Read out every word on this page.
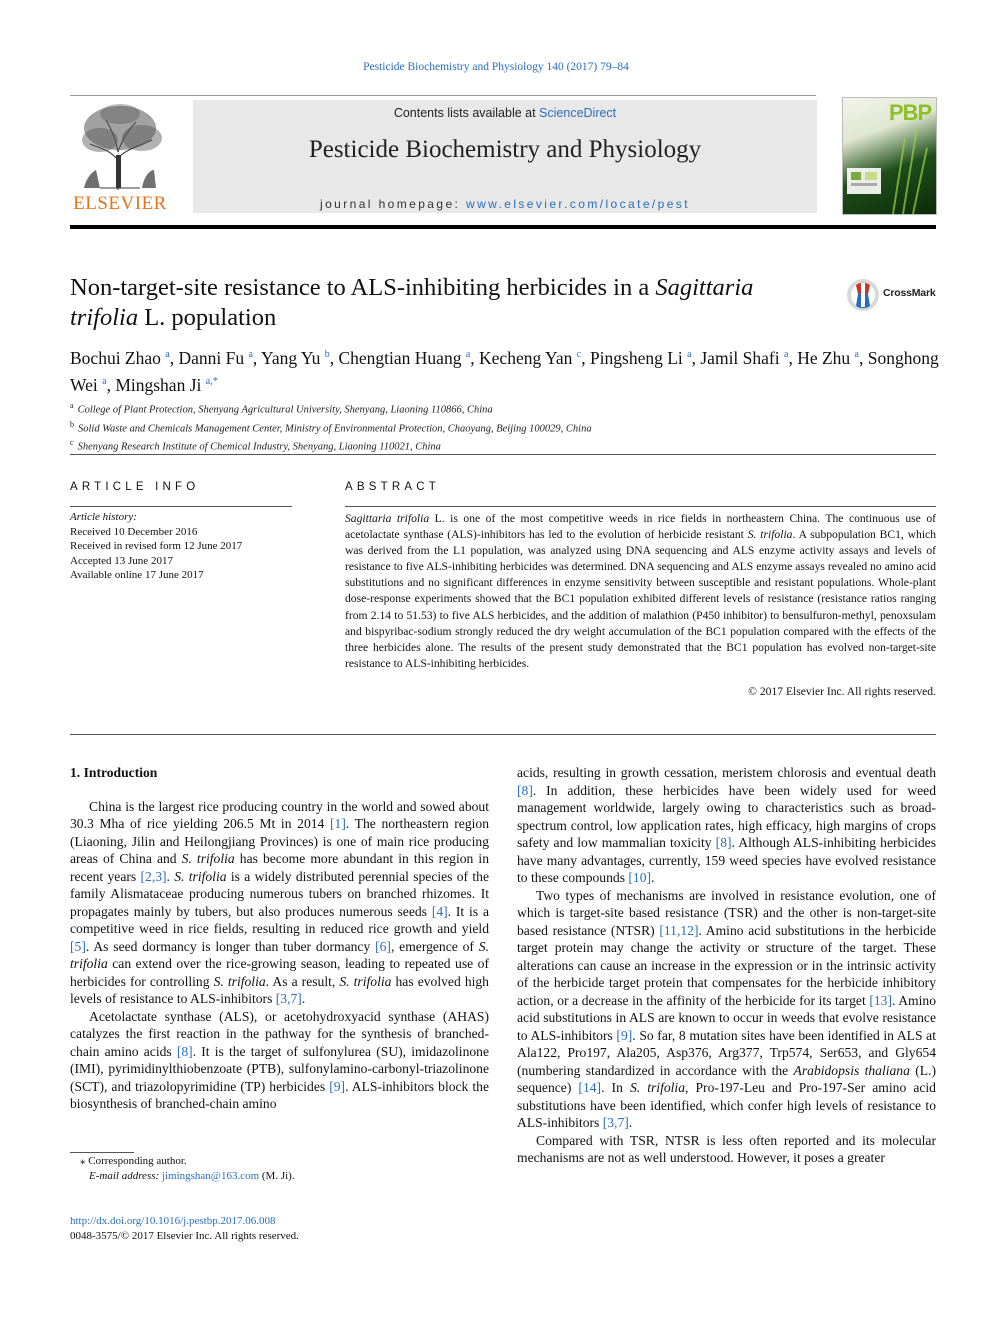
Pesticide Biochemistry and Physiology 140 (2017) 79–84
ELSEVIER
Contents lists available at ScienceDirect
Pesticide Biochemistry and Physiology
journal homepage: www.elsevier.com/locate/pest
PBP
Non-target-site resistance to ALS-inhibiting herbicides in a Sagittaria trifolia L. population
CrossMark
Bochui Zhao $^a$, Danni Fu $^a$, Yang Yu $^b$, Chengtian Huang $^a$, Kecheng Yan $^c$, Pingsheng Li $^a$, Jamil Shafi $^a$, He Zhu $^a$, Songhong Wei $^a$, Mingshan Ji $^{a,*}$
$^a$ College of Plant Protection, Shenyang Agricultural University, Shenyang, Liaoning 110866, China
$^b$ Solid Waste and Chemicals Management Center, Ministry of Environmental Protection, Chaoyang, Beijing 100029, China
$^c$ Shenyang Research Institute of Chemical Industry, Shenyang, Liaoning 110021, China
ARTICLE INFO
Article history:
Received 10 December 2016
Received in revised form 12 June 2017
Accepted 13 June 2017
Available online 17 June 2017
ABSTRACT
Sagittaria trifolia L. is one of the most competitive weeds in rice fields in northeastern China. The continuous use of acetolactate synthase (ALS)-inhibitors has led to the evolution of herbicide resistant S. trifolia. A subpopulation BC1, which was derived from the L1 population, was analyzed using DNA sequencing and ALS enzyme activity assays and levels of resistance to five ALS-inhibiting herbicides was determined. DNA sequencing and ALS enzyme assays revealed no amino acid substitutions and no significant differences in enzyme sensitivity between susceptible and resistant populations. Whole-plant dose-response experiments showed that the BC1 population exhibited different levels of resistance (resistance ratios ranging from 2.14 to 51.53) to five ALS herbicides, and the addition of malathion (P450 inhibitor) to bensulfuron-methyl, penoxsulam and bispyribac-sodium strongly reduced the dry weight accumulation of the BC1 population compared with the effects of the three herbicides alone. The results of the present study demonstrated that the BC1 population has evolved non-target-site resistance to ALS-inhibiting herbicides.
© 2017 Elsevier Inc. All rights reserved.
1. Introduction

China is the largest rice producing country in the world and sowed about 30.3 Mha of rice yielding 206.5 Mt in 2014 [1]. The northeastern region (Liaoning, Jilin and Heilongjiang Provinces) is one of main rice producing areas of China and S. trifolia has become more abundant in this region in recent years [2,3]. S. trifolia is a widely distributed perennial species of the family Alismataceae producing numerous tubers on branched rhizomes. It propagates mainly by tubers, but also produces numerous seeds [4]. It is a competitive weed in rice fields, resulting in reduced rice growth and yield [5]. As seed dormancy is longer than tuber dormancy [6], emergence of S. trifolia can extend over the rice-growing season, leading to repeated use of herbicides for controlling S. trifolia. As a result, S. trifolia has evolved high levels of resistance to ALS-inhibitors [3,7].

Acetolactate synthase (ALS), or acetohydroxyacid synthase (AHAS) catalyzes the first reaction in the pathway for the synthesis of branched-chain amino acids [8]. It is the target of sulfonylurea (SU), imidazolinone (IMI), pyrimidinylthiobenzoate (PTB), sulfonylamino-carbonyl-triazolinone (SCT), and triazolopyrimidine (TP) herbicides [9]. ALS-inhibitors block the biosynthesis of branched-chain amino

acids, resulting in growth cessation, meristem chlorosis and eventual death [8]. In addition, these herbicides have been widely used for weed management worldwide, largely owing to characteristics such as broad-spectrum control, low application rates, high efficacy, high margins of crops safety and low mammalian toxicity [8]. Although ALS-inhibiting herbicides have many advantages, currently, 159 weed species have evolved resistance to these compounds [10].

Two types of mechanisms are involved in resistance evolution, one of which is target-site based resistance (TSR) and the other is non-target-site based resistance (NTSR) [11,12]. Amino acid substitutions in the herbicide target protein may change the activity or structure of the target. These alterations can cause an increase in the expression or in the intrinsic activity of the herbicide target protein that compensates for the herbicide inhibitory action, or a decrease in the affinity of the herbicide for its target [13]. Amino acid substitutions in ALS are known to occur in weeds that evolve resistance to ALS-inhibitors [9]. So far, 8 mutation sites have been identified in ALS at Ala122, Pro197, Ala205, Asp376, Arg377, Trp574, Ser653, and Gly654 (numbering standardized in accordance with the Arabidopsis thaliana (L.) sequence) [14]. In S. trifolia, Pro-197-Leu and Pro-197-Ser amino acid substitutions have been identified, which confer high levels of resistance to ALS-inhibitors [3,7].

Compared with TSR, NTSR is less often reported and its molecular mechanisms are not as well understood. However, it poses a greater

⁎ Corresponding author.
E-mail address: jimingshan@163.com (M. Ji).
http://dx.doi.org/10.1016/j.pestbp.2017.06.008
0048-3575/© 2017 Elsevier Inc. All rights reserved.
